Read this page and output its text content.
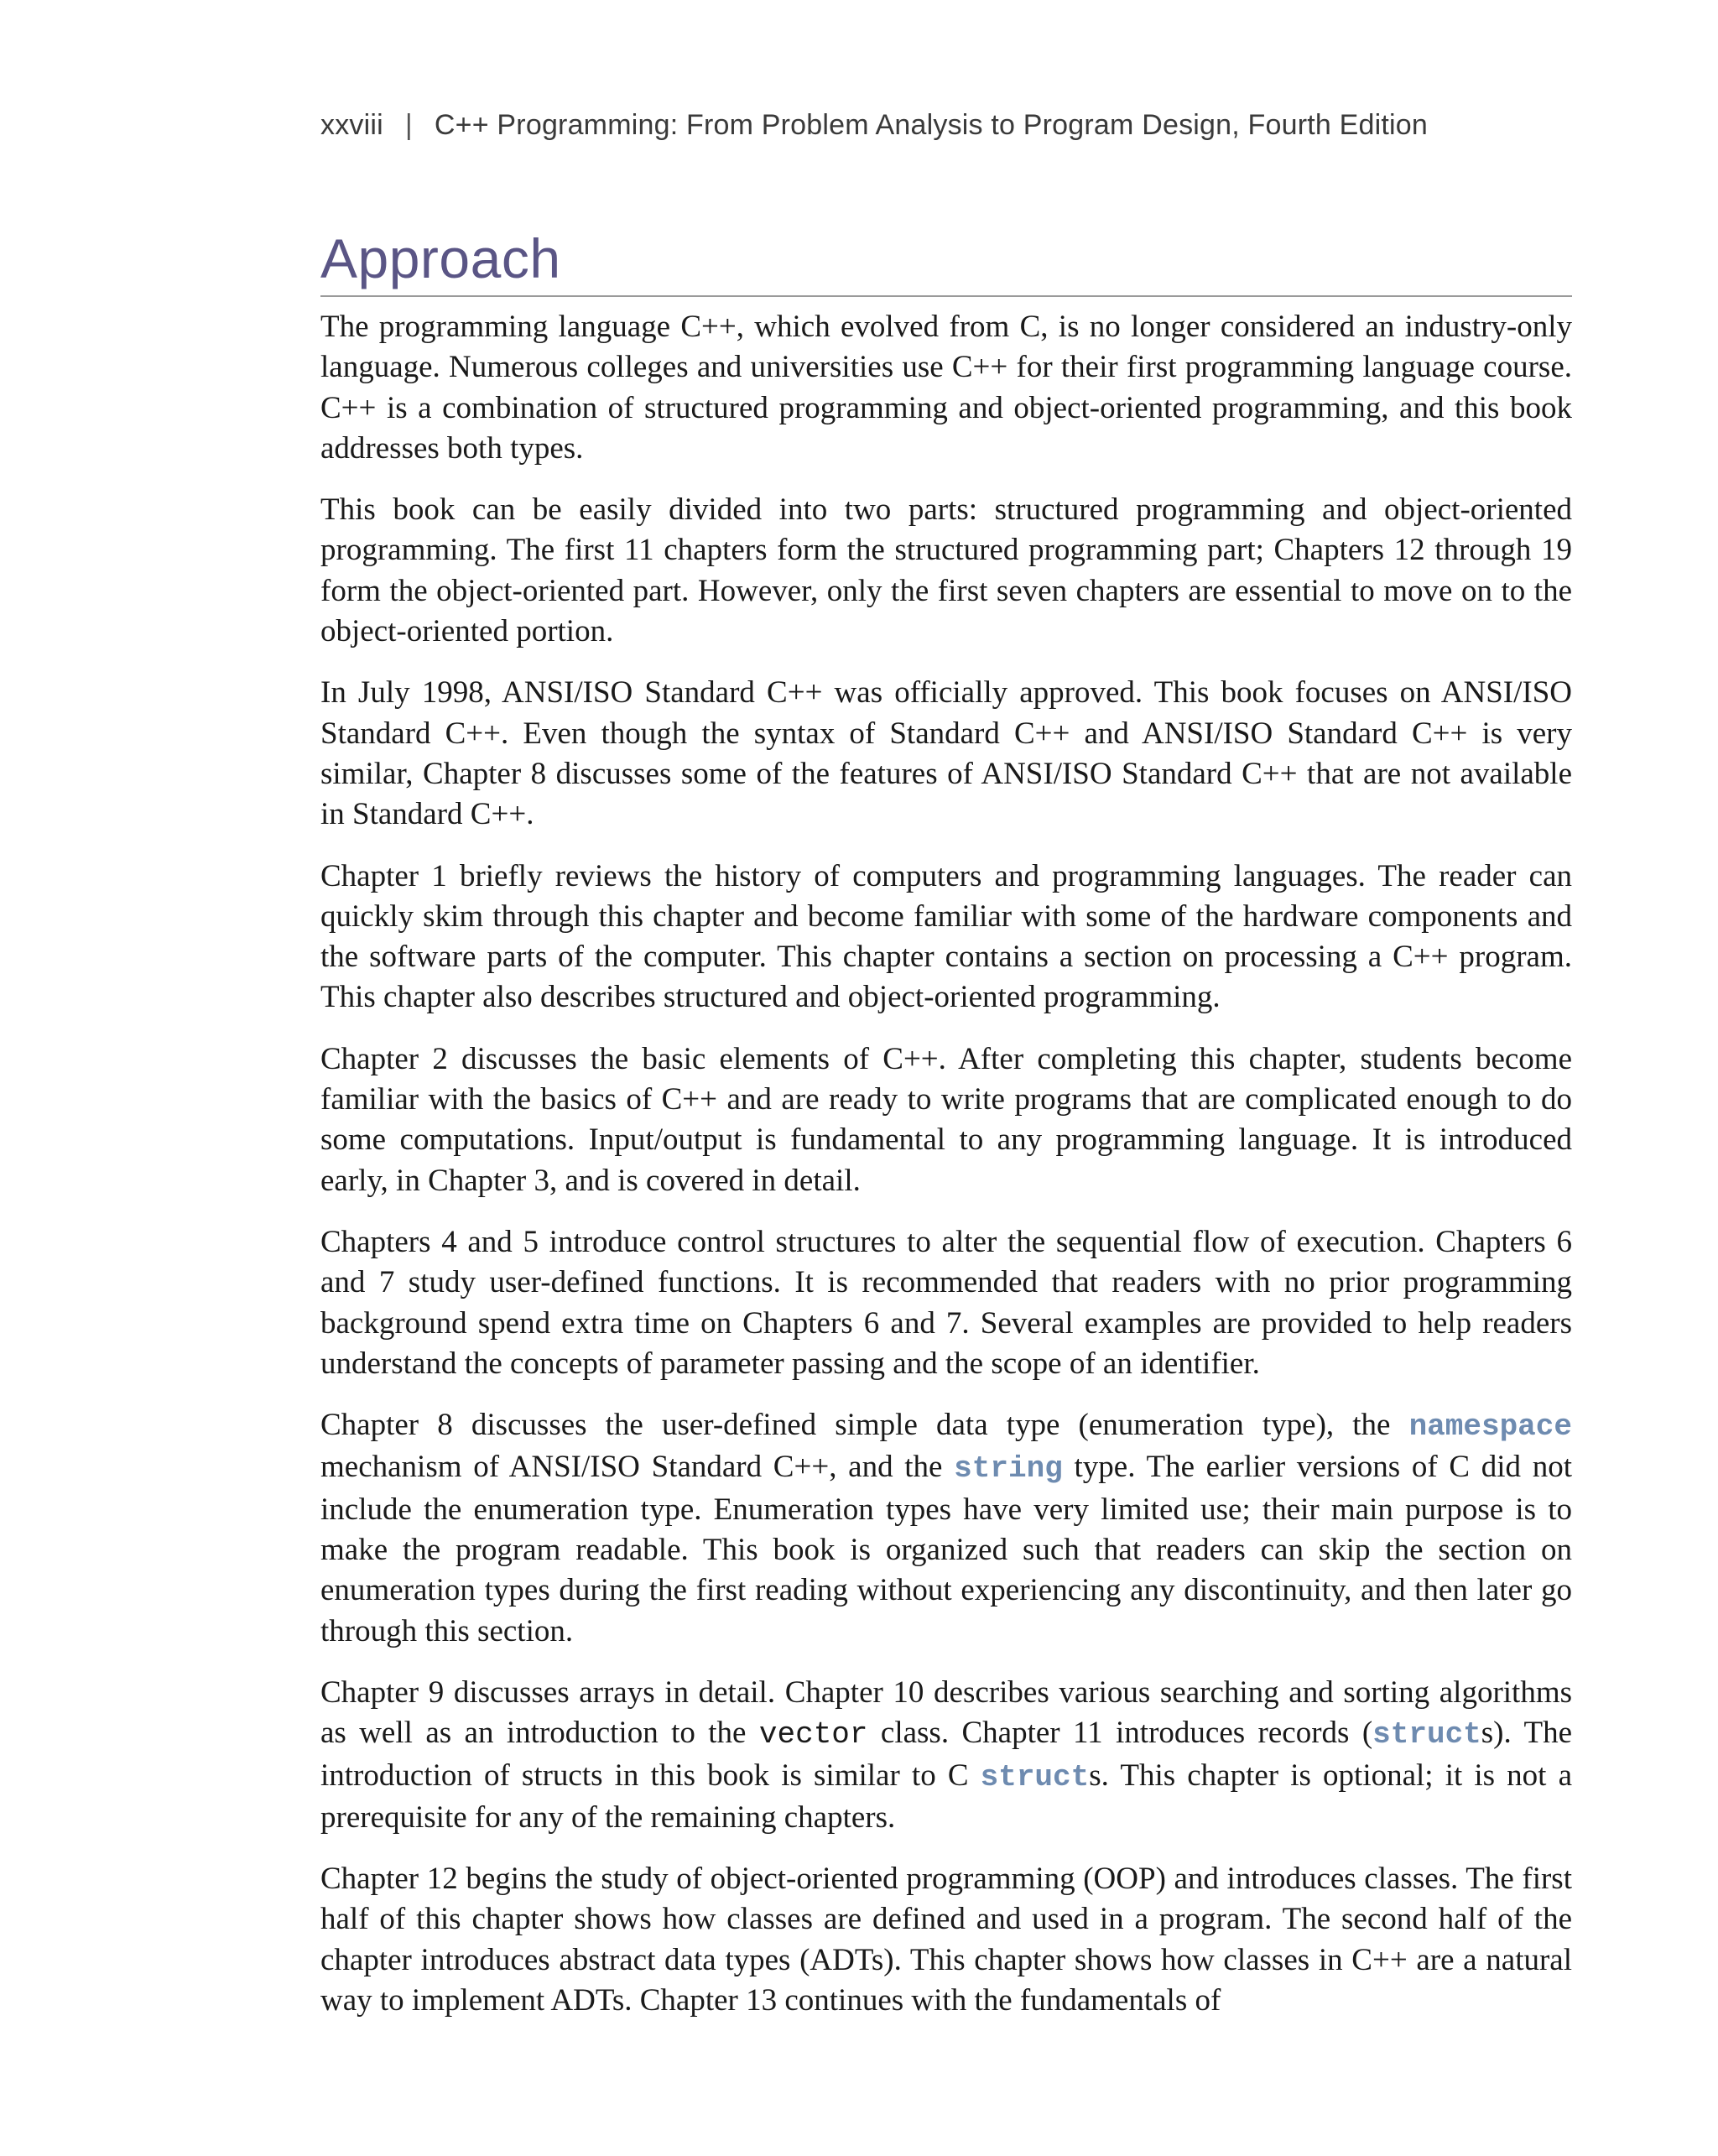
xxviii | C++ Programming: From Problem Analysis to Program Design, Fourth Edition
Approach

The programming language C++, which evolved from C, is no longer considered an industry-only language. Numerous colleges and universities use C++ for their first programming language course. C++ is a combination of structured programming and object-oriented programming, and this book addresses both types.

This book can be easily divided into two parts: structured programming and object-oriented programming. The first 11 chapters form the structured programming part; Chapters 12 through 19 form the object-oriented part. However, only the first seven chapters are essential to move on to the object-oriented portion.

In July 1998, ANSI/ISO Standard C++ was officially approved. This book focuses on ANSI/​ISO Standard C++. Even though the syntax of Standard C++ and ANSI/ISO Standard C++ is very similar, Chapter 8 discusses some of the features of ANSI/ISO Standard C++ that are not available in Standard C++.

Chapter 1 briefly reviews the history of computers and programming languages. The reader can quickly skim through this chapter and become familiar with some of the hardware components and the software parts of the computer. This chapter contains a section on processing a C++ program. This chapter also describes structured and object-oriented programming.

Chapter 2 discusses the basic elements of C++. After completing this chapter, students become familiar with the basics of C++ and are ready to write programs that are complicated enough to do some computations. Input/output is fundamental to any programming language. It is introduced early, in Chapter 3, and is covered in detail.

Chapters 4 and 5 introduce control structures to alter the sequential flow of execution. Chapters 6 and 7 study user-defined functions. It is recommended that readers with no prior programming background spend extra time on Chapters 6 and 7. Several examples are provided to help readers understand the concepts of parameter passing and the scope of an identifier.

Chapter 8 discusses the user-defined simple data type (enumeration type), the namespace mechanism of ANSI/ISO Standard C++, and the string type. The earlier versions of C did not include the enumeration type. Enumeration types have very limited use; their main purpose is to make the program readable. This book is organized such that readers can skip the section on enumeration types during the first reading without experiencing any discontinuity, and then later go through this section.

Chapter 9 discusses arrays in detail. Chapter 10 describes various searching and sorting algorithms as well as an introduction to the vector class. Chapter 11 introduces records (structs). The introduction of structs in this book is similar to C structs. This chapter is optional; it is not a prerequisite for any of the remaining chapters.

Chapter 12 begins the study of object-oriented programming (OOP) and introduces classes. The first half of this chapter shows how classes are defined and used in a program. The second half of the chapter introduces abstract data types (ADTs). This chapter shows how classes in C++ are a natural way to implement ADTs. Chapter 13 continues with the fundamentals of
